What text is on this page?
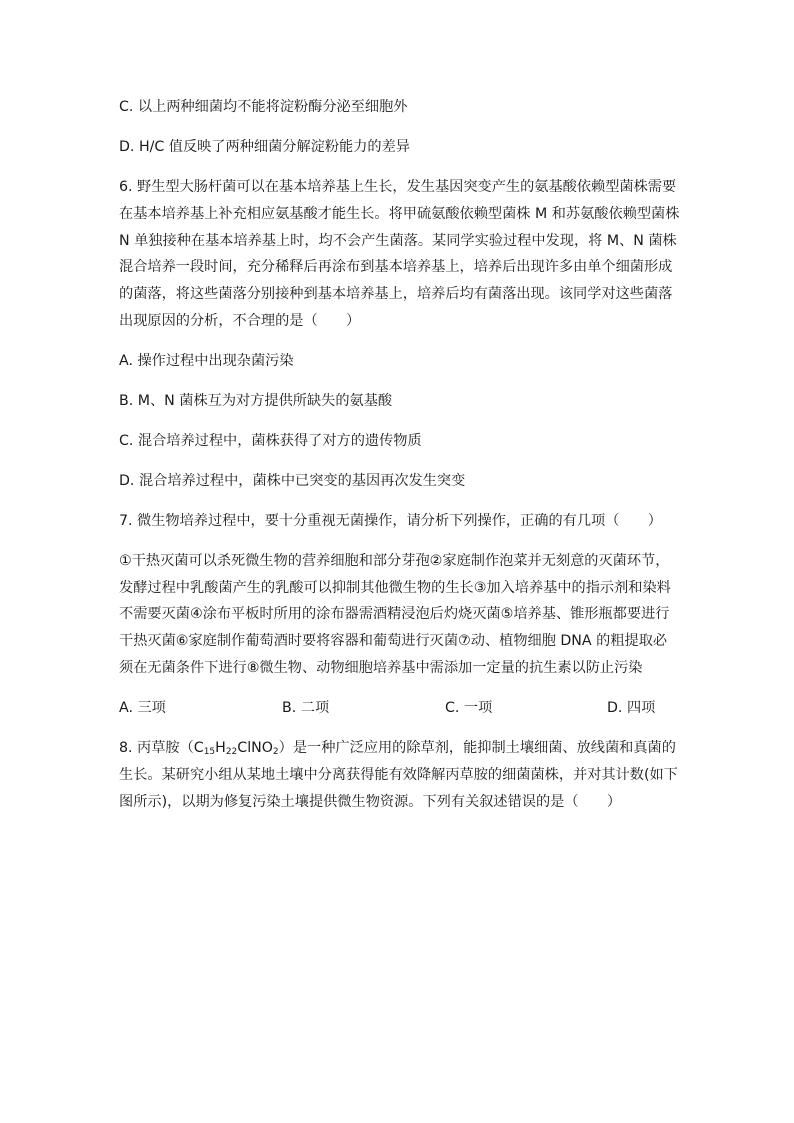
C. 以上两种细菌均不能将淀粉酶分泌至细胞外
D. H/C 值反映了两种细菌分解淀粉能力的差异
6. 野生型大肠杆菌可以在基本培养基上生长，发生基因突变产生的氨基酸依赖型菌株需要
在基本培养基上补充相应氨基酸才能生长。将甲硫氨酸依赖型菌株 M 和苏氨酸依赖型菌株
N 单独接种在基本培养基上时，均不会产生菌落。某同学实验过程中发现，将 M、N 菌株
混合培养一段时间，充分稀释后再涂布到基本培养基上，培养后出现许多由单个细菌形成
的菌落，将这些菌落分别接种到基本培养基上，培养后均有菌落出现。该同学对这些菌落
出现原因的分析，不合理的是（　　）
A. 操作过程中出现杂菌污染
B. M、N 菌株互为对方提供所缺失的氨基酸
C. 混合培养过程中，菌株获得了对方的遗传物质
D. 混合培养过程中，菌株中已突变的基因再次发生突变
7. 微生物培养过程中，要十分重视无菌操作，请分析下列操作，正确的有几项（　　）
①干热灭菌可以杀死微生物的营养细胞和部分芽孢②家庭制作泡菜并无刻意的灭菌环节，
发酵过程中乳酸菌产生的乳酸可以抑制其他微生物的生长③加入培养基中的指示剂和染料
不需要灭菌④涂布平板时所用的涂布器需酒精浸泡后灼烧灭菌⑤培养基、锥形瓶都要进行
干热灭菌⑥家庭制作葡萄酒时要将容器和葡萄进行灭菌⑦动、植物细胞 DNA 的粗提取必
须在无菌条件下进行⑧微生物、动物细胞培养基中需添加一定量的抗生素以防止污染
A. 三项	B. 二项	C. 一项	D. 四项
8. 丙草胺$(C_{15}H_{22}ClNO_2)$是一种广泛应用的除草剂，能抑制土壤细菌、放线菌和真菌的
生长。某研究小组从某地土壤中分离获得能有效降解丙草胺的细菌菌株，并对其计数(如下
图所示)，以期为修复污染土壤提供微生物资源。下列有关叙述错误的是（　　）
